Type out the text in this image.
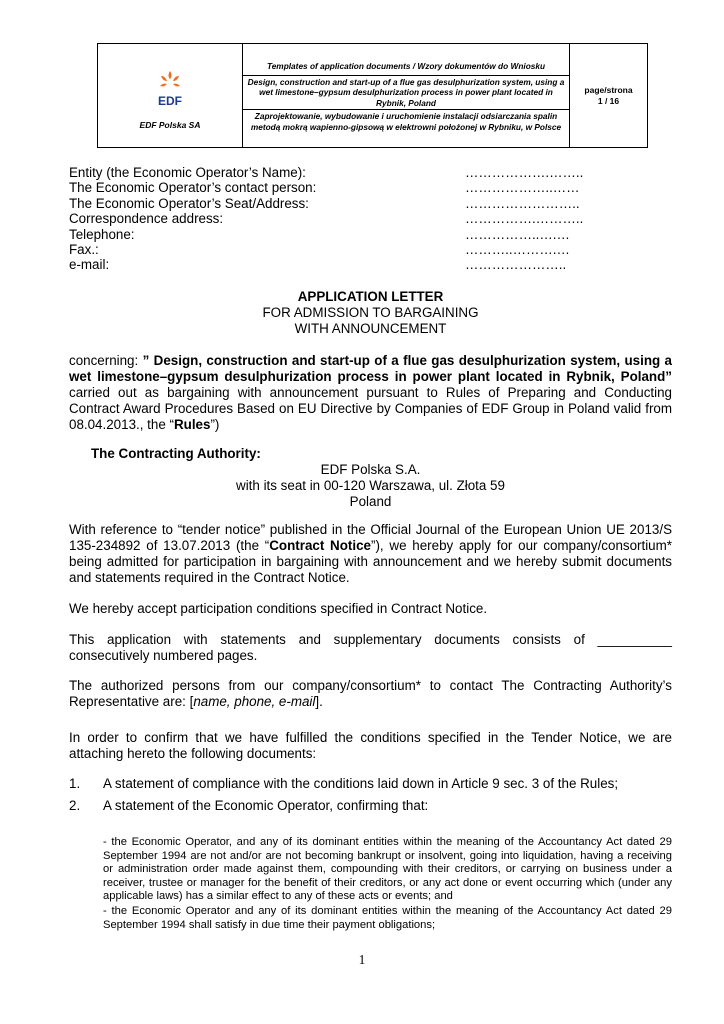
EDF
EDF Polska SA

Templates of application documents / Wzory dokumentów do Wniosku
Design, construction and start-up of a flue gas desulphurization system, using a wet limestone–gypsum desulphurization process in power plant located in Rybnik, Poland
Zaprojektowanie, wybudowanie i uruchomienie instalacji odsiarczania spalin metodą mokrą wapienno-gipsową w elektrowni położonej w Rybniku, w Polsce

page/strona
1 / 16
Entity (the Economic Operator’s Name):	……………….……..
The Economic Operator’s contact person:	………………..……
The Economic Operator’s Seat/Address:	……………………..
Correspondence address:	…………….………..
Telephone:	……………..….…
Fax.:	………..……….…
e-mail:	…………………..
APPLICATION LETTER
FOR ADMISSION TO BARGAINING
WITH ANNOUNCEMENT
concerning: ” Design, construction and start-up of a flue gas desulphurization system, using a wet limestone–gypsum desulphurization process in power plant located in Rybnik, Poland” carried out as bargaining with announcement pursuant to Rules of Preparing and Conducting Contract Award Procedures Based on EU Directive by Companies of EDF Group in Poland valid from 08.04.2013., the “Rules”)
The Contracting Authority:
EDF Polska S.A.
with its seat in 00-120 Warszawa, ul. Złota 59
Poland
With reference to “tender notice” published in the Official Journal of the European Union UE 2013/S 135-234892 of 13.07.2013 (the “Contract Notice”), we hereby apply for our company/consortium* being admitted for participation in bargaining with announcement and we hereby submit documents and statements required in the Contract Notice.
We hereby accept participation conditions specified in Contract Notice.
This application with statements and supplementary documents consists of __________ consecutively numbered pages.
The authorized persons from our company/consortium* to contact The Contracting Authority’s Representative are: [name, phone, e-mail].
In order to confirm that we have fulfilled the conditions specified in the Tender Notice, we are attaching hereto the following documents:
1. A statement of compliance with the conditions laid down in Article 9 sec. 3 of the Rules;
2. A statement of the Economic Operator, confirming that:
- the Economic Operator, and any of its dominant entities within the meaning of the Accountancy Act dated 29 September 1994 are not and/or are not becoming bankrupt or insolvent, going into liquidation, having a receiving or administration order made against them, compounding with their creditors, or carrying on business under a receiver, trustee or manager for the benefit of their creditors, or any act done or event occurring which (under any applicable laws) has a similar effect to any of these acts or events; and
- the Economic Operator and any of its dominant entities within the meaning of the Accountancy Act dated 29 September 1994 shall satisfy in due time their payment obligations;
1
